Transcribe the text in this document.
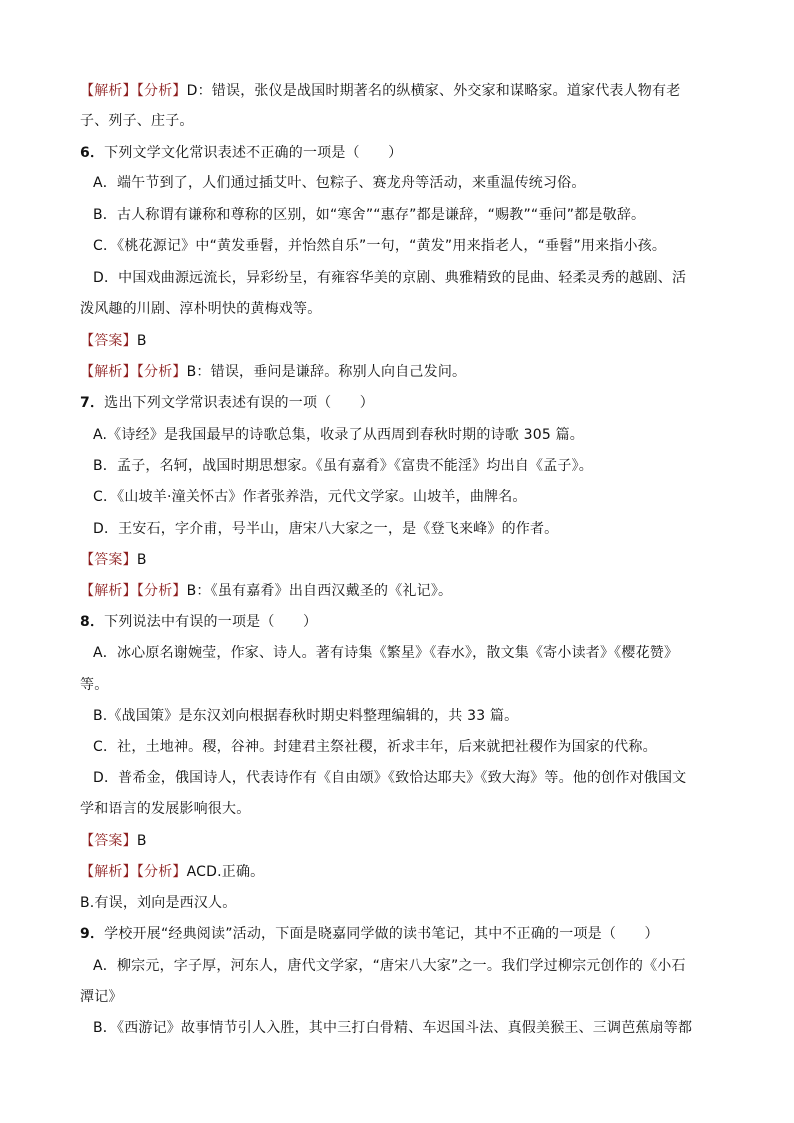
【解析】【分析】D：错误，张仪是战国时期著名的纵横家、外交家和谋略家。道家代表人物有老
子、列子、庄子。
6．下列文学文化常识表述不正确的一项是（　　）
A．端午节到了，人们通过插艾叶、包粽子、赛龙舟等活动，来重温传统习俗。
B．古人称谓有谦称和尊称的区别，如“寒舍”“惠存”都是谦辞，“赐教”“垂问”都是敬辞。
C．《桃花源记》中“黄发垂髫，并怡然自乐”一句，“黄发”用来指老人，“垂髫”用来指小孩。
D．中国戏曲源远流长，异彩纷呈，有雍容华美的京剧、典雅精致的昆曲、轻柔灵秀的越剧、活
泼风趣的川剧、淳朴明快的黄梅戏等。
【答案】B
【解析】【分析】B：错误，垂问是谦辞。称别人向自己发问。
7．选出下列文学常识表述有误的一项（　　）
A.《诗经》是我国最早的诗歌总集，收录了从西周到春秋时期的诗歌 305 篇。
B．孟子，名轲，战国时期思想家。《虽有嘉肴》《富贵不能淫》均出自《孟子》。
C．《山坡羊·潼关怀古》作者张养浩，元代文学家。山坡羊，曲牌名。
D．王安石，字介甫，号半山，唐宋八大家之一，是《登飞来峰》的作者。
【答案】B
【解析】【分析】B：《虽有嘉肴》出自西汉戴圣的《礼记》。
8．下列说法中有误的一项是（　　）
A．冰心原名谢婉莹，作家、诗人。著有诗集《繁星》《春水》，散文集《寄小读者》《樱花赞》
等。
B.《战国策》是东汉刘向根据春秋时期史料整理编辑的，共 33 篇。
C．社，土地神。稷，谷神。封建君主祭社稷，祈求丰年，后来就把社稷作为国家的代称。
D．普希金，俄国诗人，代表诗作有《自由颂》《致恰达耶夫》《致大海》等。他的创作对俄国文
学和语言的发展影响很大。
【答案】B
【解析】【分析】ACD.正确。
B.有误，刘向是西汉人。
9．学校开展“经典阅读”活动，下面是晓嘉同学做的读书笔记，其中不正确的一项是（　　）
A．柳宗元，字子厚，河东人，唐代文学家，“唐宋八大家”之一。我们学过柳宗元创作的《小石
潭记》
B．《西游记》故事情节引人入胜，其中三打白骨精、车迟国斗法、真假美猴王、三调芭蕉扇等都
